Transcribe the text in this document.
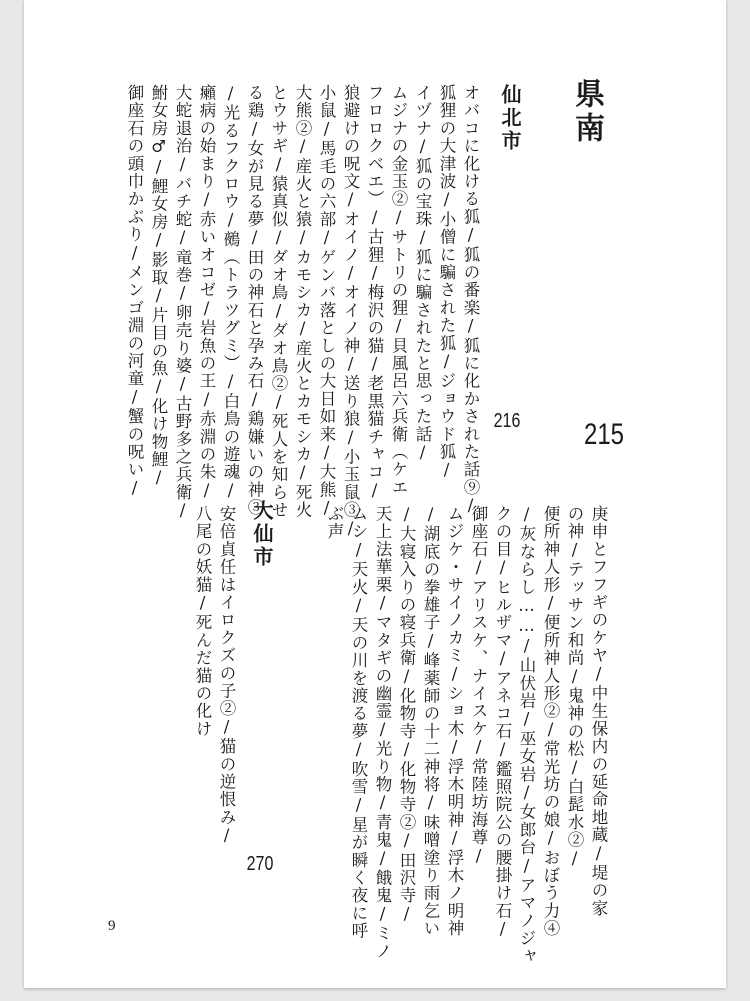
県南
215
仙北市
216
オバコに化ける狐/狐の番楽/狐に化かされた話⑨/
狐狸の大津波/小僧に騙された狐/ジョウド狐/
イヅナ/狐の宝珠/狐に騙されたと思った話/
ムジナの金玉②/サトリの狸/貝風呂六兵衛（ケエ
フロロクベエ）/古狸/梅沢の猫/老黒猫チャコ/
狼避けの呪文/オイノ/オイノ神/送り狼/小玉鼠③/
小鼠/馬毛の六部/ゲンバ落としの大日如来/大熊/
大熊②/産火と猿/カモシカ/産火とカモシカ/死火
とウサギ/猿真似/ダオ鳥/ダオ鳥②/死人を知らせ
る鶏/女が見る夢/田の神石と孕み石/鶏嫌いの神③
/光るフクロウ/鵺（トラツグミ）/白鳥の遊魂/
癩病の始まり/赤いオコゼ/岩魚の王/赤淵の朱/
大蛇退治/バチ蛇/竜巻/卵売り婆/古野多之兵衛/
鮒女房♂/鯉女房/影取/片目の魚/化け物鯉/
御座石の頭巾かぶり/メンゴ淵の河童/蟹の呪い/
庚申とフフギのケヤ/中生保内の延命地蔵/堤の家
の神/テッサン和尚/鬼神の松/白髭水②/
便所神人形/便所神人形②/常光坊の娘/おぼう力④
/灰ならし……/山伏岩/巫女岩/女郎台/アマノジャ
クの目/ヒルザマ/アネコ石/鑑照院公の腰掛け石/
御座石/アリスケ、ナイスケ/常陸坊海尊/
ムジケ・サイノカミ/ショ木/浮木明神/浮木ノ明神
/湖底の拳雄子/峰薬師の十二神将/味噌塗り雨乞い
/大寝入りの寝兵衛/化物寺/化物寺②/田沢寺/
天上法華栗/マタギの幽霊/光り物/青鬼/餓鬼/ミノ
ムシ/天火/天の川を渡る夢/吹雪/星が瞬く夜に呼
ぶ声
大仙市
270
安倍貞任はイロクズの子②/猫の逆恨み/
八尾の妖猫/死んだ猫の化け
9
